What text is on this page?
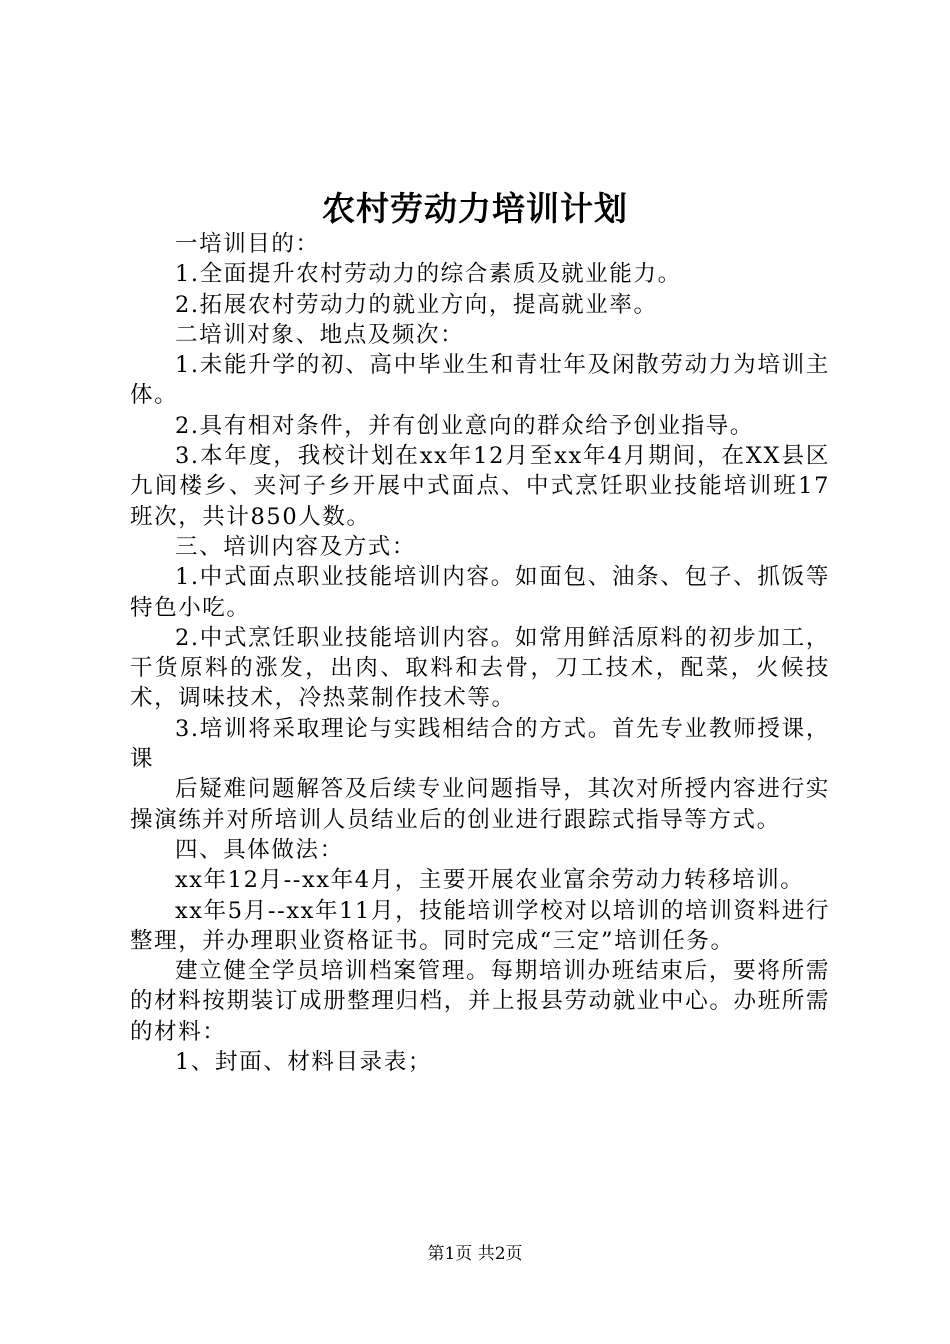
农村劳动力培训计划

一培训目的：

1.全面提升农村劳动力的综合素质及就业能力。

2.拓展农村劳动力的就业方向，提高就业率。

二培训对象、地点及频次：

1.未能升学的初、高中毕业生和青壮年及闲散劳动力为培训主体。

2.具有相对条件，并有创业意向的群众给予创业指导。

3.本年度，我校计划在xx年12月至xx年4月期间，在XX县区九间楼乡、夹河子乡开展中式面点、中式烹饪职业技能培训班17班次，共计850人数。

三、培训内容及方式：

1.中式面点职业技能培训内容。如面包、油条、包子、抓饭等特色小吃。

2.中式烹饪职业技能培训内容。如常用鲜活原料的初步加工，干货原料的涨发，出肉、取料和去骨，刀工技术，配菜，火候技术，调味技术，冷热菜制作技术等。

3.培训将采取理论与实践相结合的方式。首先专业教师授课，课

后疑难问题解答及后续专业问题指导，其次对所授内容进行实操演练并对所培训人员结业后的创业进行跟踪式指导等方式。

四、具体做法：

xx年12月--xx年4月，主要开展农业富余劳动力转移培训。

xx年5月--xx年11月，技能培训学校对以培训的培训资料进行整理，并办理职业资格证书。同时完成“三定”培训任务。

建立健全学员培训档案管理。每期培训办班结束后，要将所需的材料按期装订成册整理归档，并上报县劳动就业中心。办班所需的材料：

1、封面、材料目录表；

第1页 共2页
